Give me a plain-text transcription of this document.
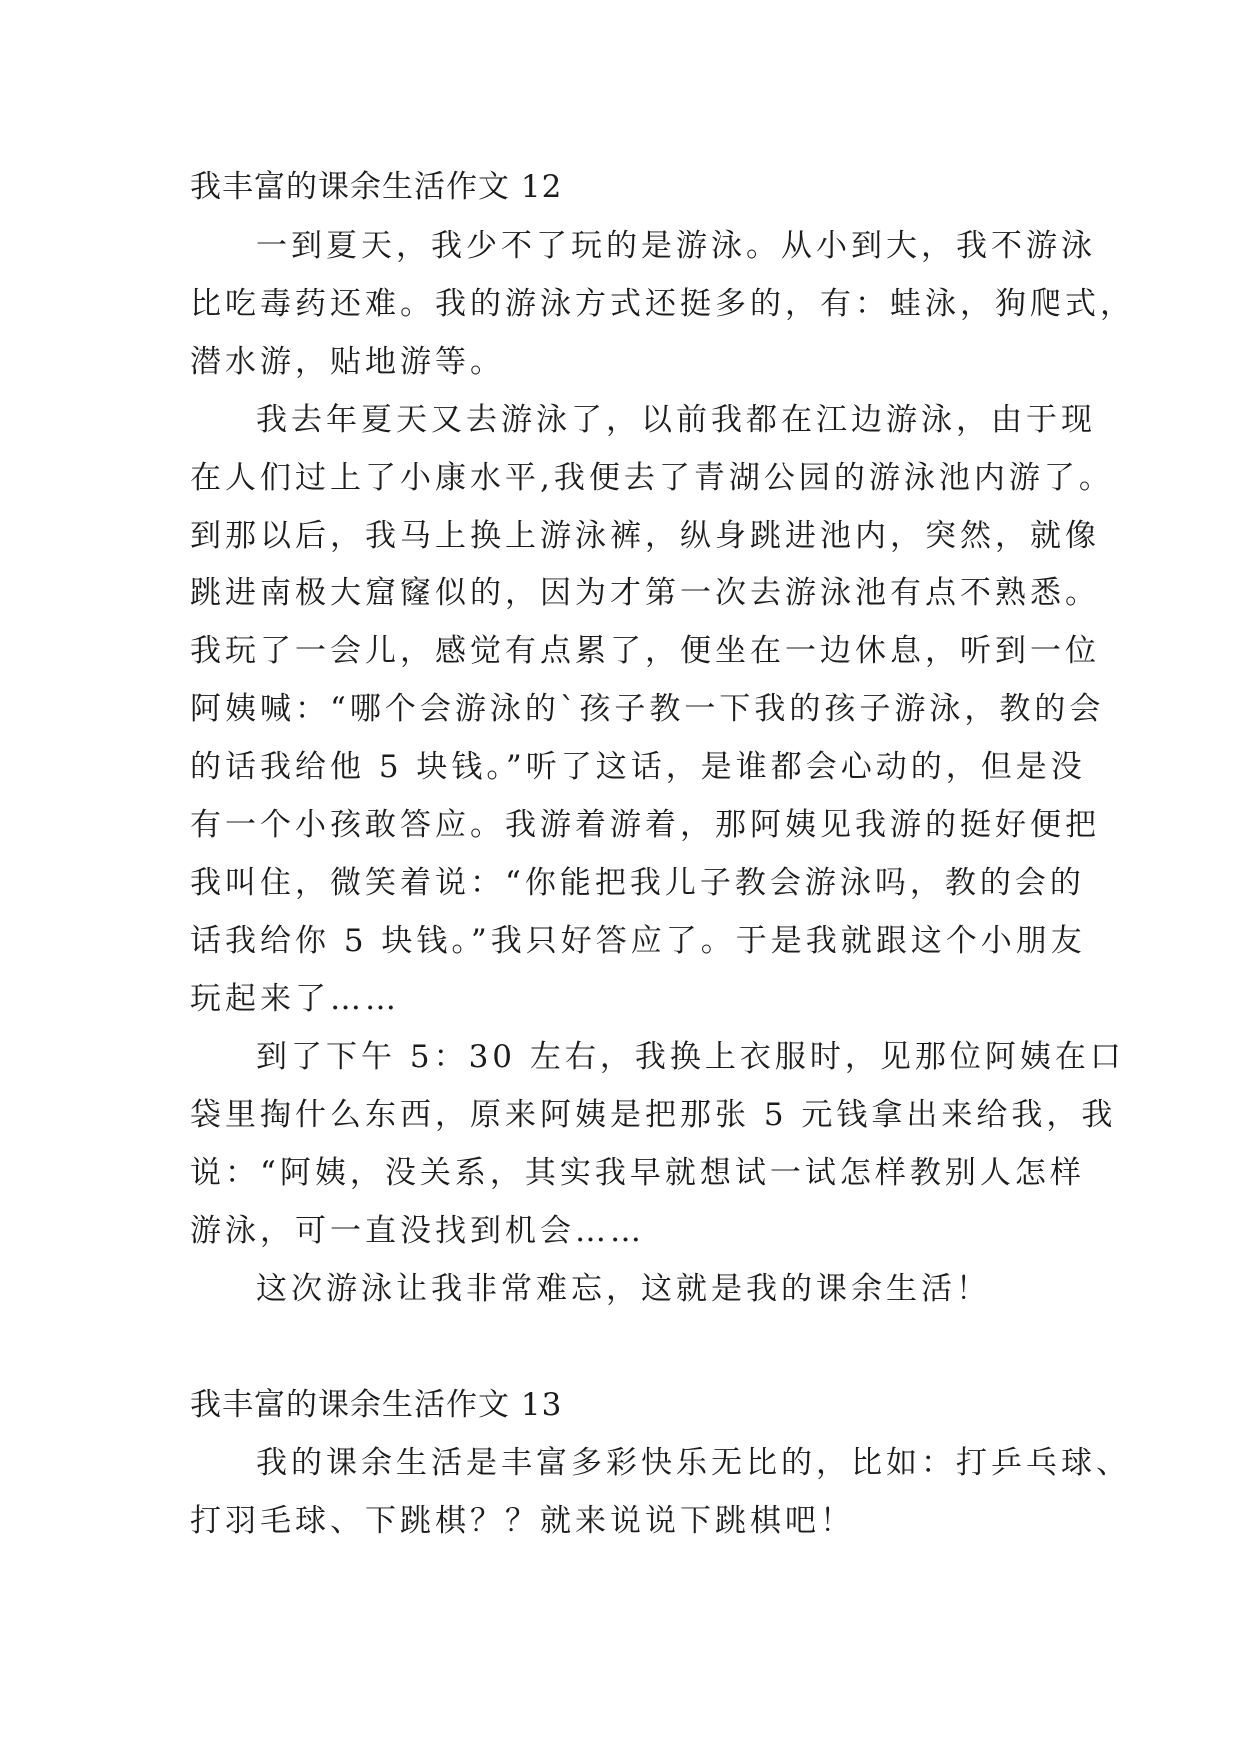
我丰富的课余生活作文 12
一到夏天，我少不了玩的是游泳。从小到大，我不游泳
比吃毒药还难。我的游泳方式还挺多的，有：蛙泳，狗爬式，
潜水游，贴地游等。
我去年夏天又去游泳了，以前我都在江边游泳，由于现
在人们过上了小康水平,我便去了青湖公园的游泳池内游了。
到那以后，我马上换上游泳裤，纵身跳进池内，突然，就像
跳进南极大窟窿似的，因为才第一次去游泳池有点不熟悉。
我玩了一会儿，感觉有点累了，便坐在一边休息，听到一位
阿姨喊：“哪个会游泳的`孩子教一下我的孩子游泳，教的会
的话我给他 5 块钱。”听了这话，是谁都会心动的，但是没
有一个小孩敢答应。我游着游着，那阿姨见我游的挺好便把
我叫住，微笑着说：“你能把我儿子教会游泳吗，教的会的
话我给你 5 块钱。”我只好答应了。于是我就跟这个小朋友
玩起来了……
到了下午 5：30 左右，我换上衣服时，见那位阿姨在口
袋里掏什么东西，原来阿姨是把那张 5 元钱拿出来给我，我
说：“阿姨，没关系，其实我早就想试一试怎样教别人怎样
游泳，可一直没找到机会……
这次游泳让我非常难忘，这就是我的课余生活！
我丰富的课余生活作文 13
我的课余生活是丰富多彩快乐无比的，比如：打乒乓球、
打羽毛球、下跳棋？？就来说说下跳棋吧！
